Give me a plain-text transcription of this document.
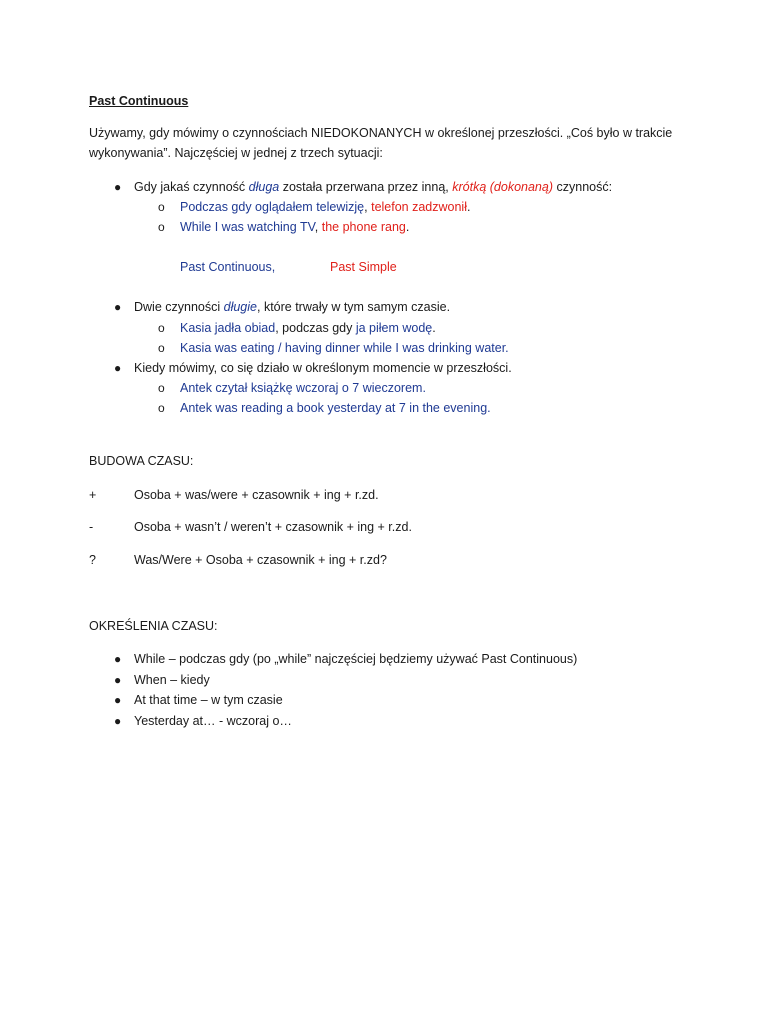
Past Continuous
Używamy, gdy mówimy o czynnościach NIEDOKONANYCH w określonej przeszłości. „Coś było w trakcie
wykonywania”. Najczęściej w jednej z trzech sytuacji:
● Gdy jakaś czynność długa została przerwana przez inną, krótką (dokonaną) czynność:
o Podczas gdy oglądałem telewizję, telefon zadzwonił.
o While I was watching TV, the phone rang.
Past Continuous,	Past Simple
● Dwie czynności długie, które trwały w tym samym czasie.
o Kasia jadła obiad, podczas gdy ja piłem wodę.
o Kasia was eating / having dinner while I was drinking water.
● Kiedy mówimy, co się działo w określonym momencie w przeszłości.
o Antek czytał książkę wczoraj o 7 wieczorem.
o Antek was reading a book yesterday at 7 in the evening.
BUDOWA CZASU:
+	Osoba + was/were + czasownik + ing + r.zd.
-	Osoba + wasn’t / weren’t + czasownik + ing + r.zd.
?	Was/Were + Osoba + czasownik + ing + r.zd?
OKREŚLENIA CZASU:
● While – podczas gdy (po „while” najczęściej będziemy używać Past Continuous)
● When – kiedy
● At that time – w tym czasie
● Yesterday at… - wczoraj o…
